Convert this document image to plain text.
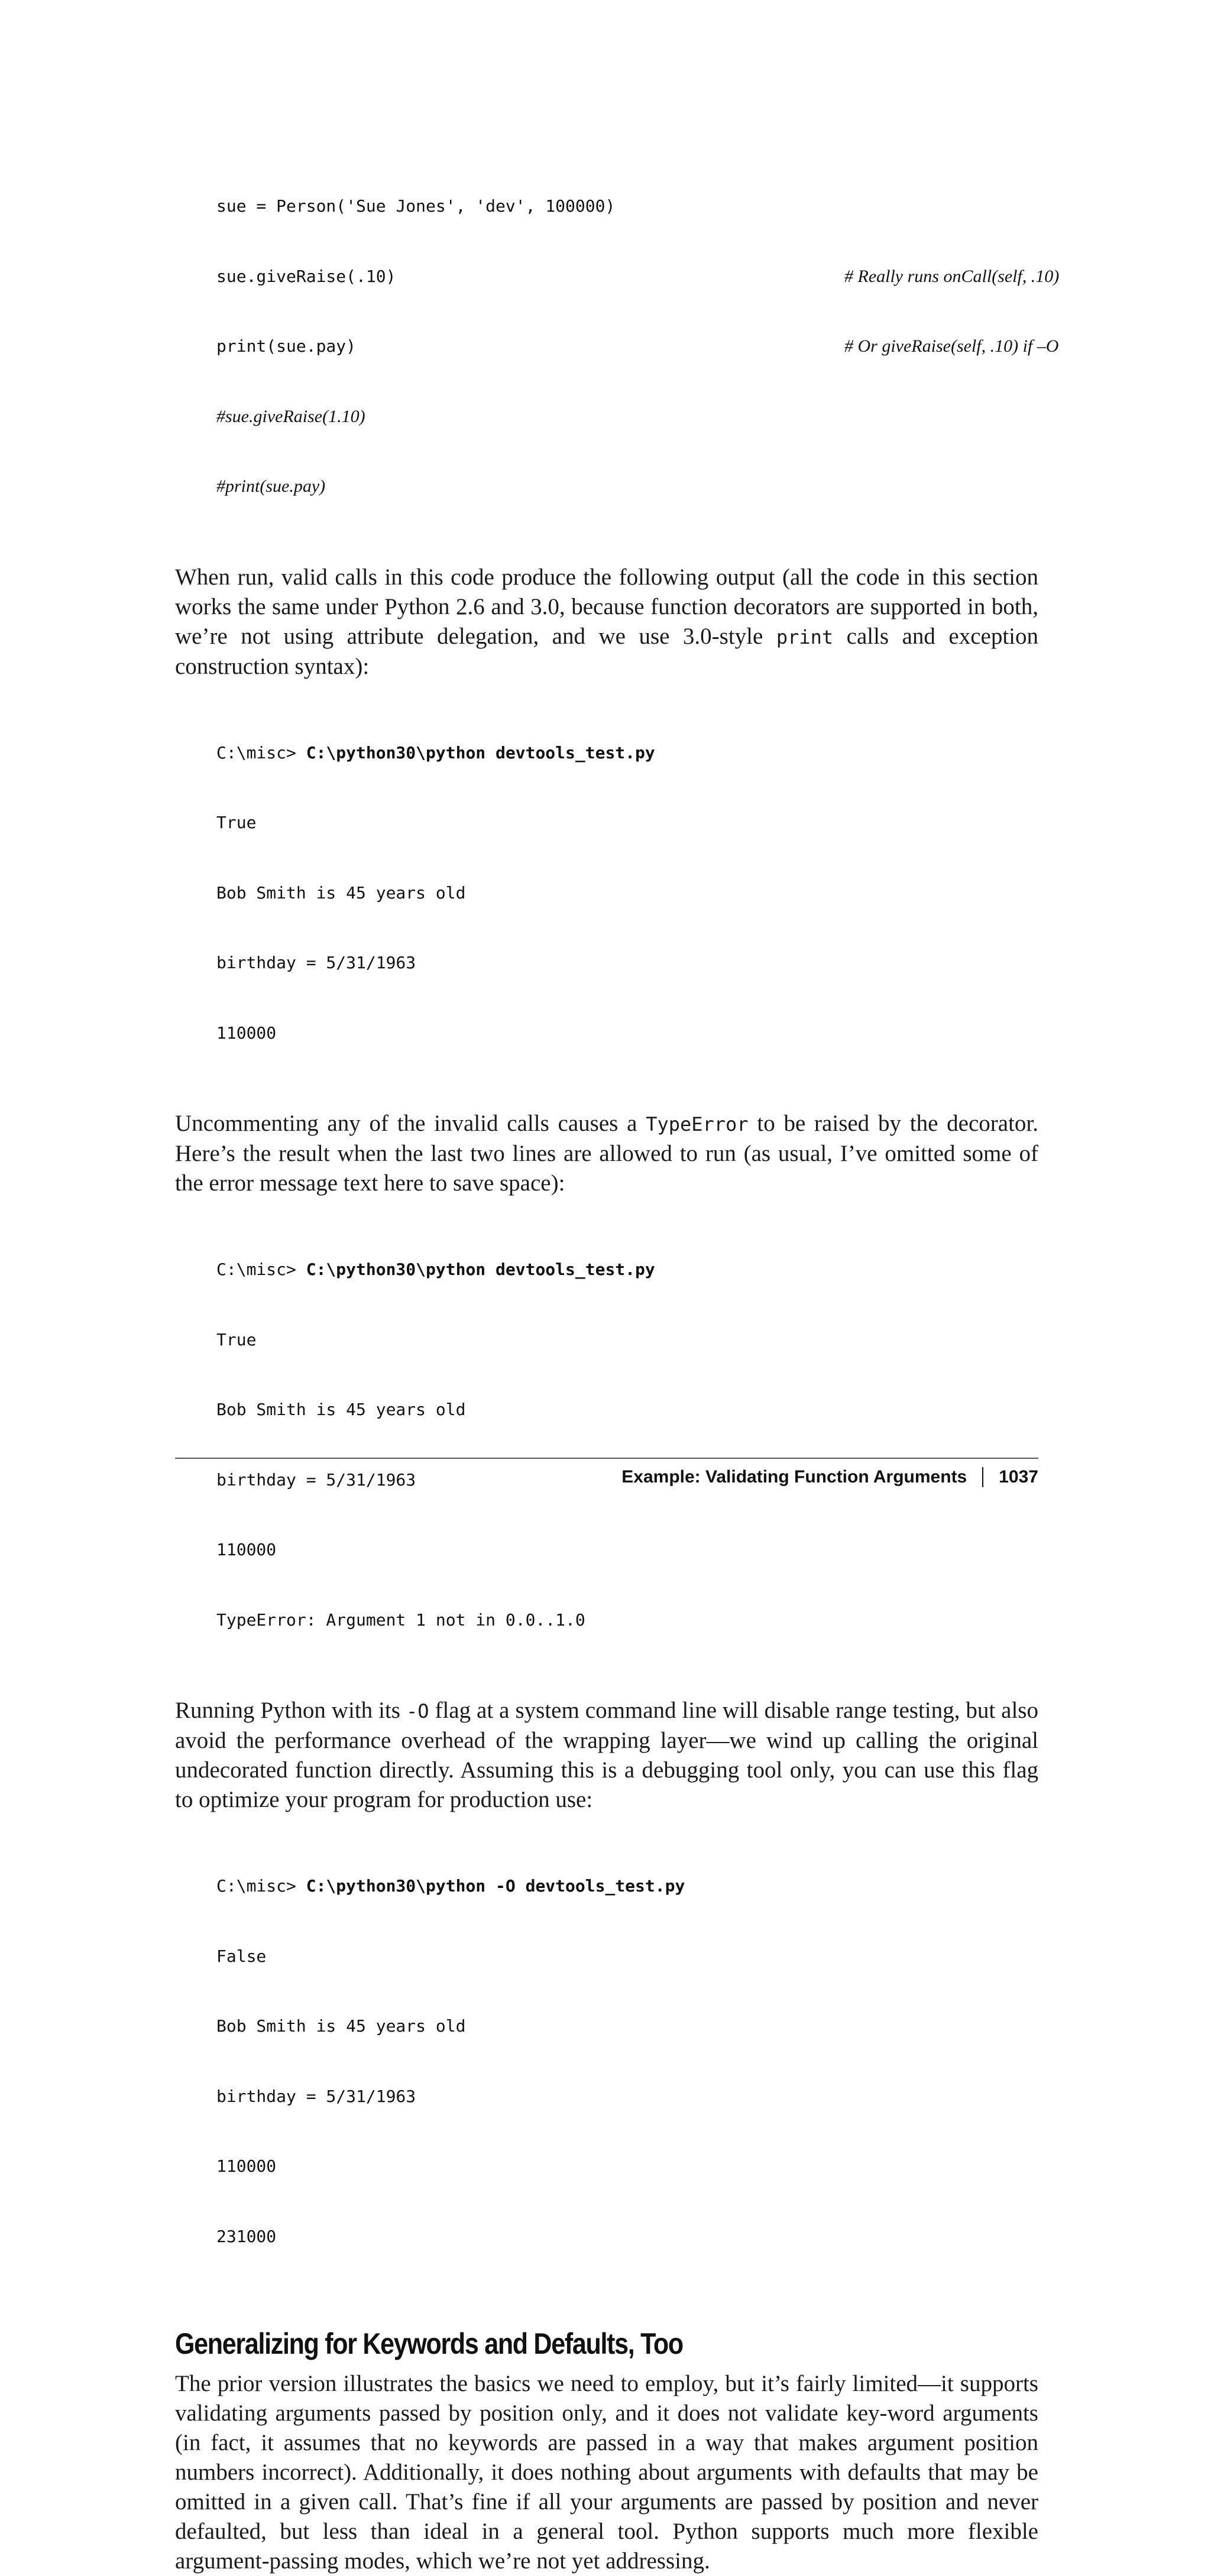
sue = Person('Sue Jones', 'dev', 100000)

sue.giveRaise(.10)	# Really runs onCall(self, .10)

print(sue.pay)	# Or giveRaise(self, .10) if –O

#sue.giveRaise(1.10)

#print(sue.pay)

When run, valid calls in this code produce the following output (all the code in this section works the same under Python 2.6 and 3.0, because function decorators are supported in both, we’re not using attribute delegation, and we use 3.0-style print calls and exception construction syntax):

C:\misc> C:\python30\python devtools_test.py

True

Bob Smith is 45 years old

birthday = 5/31/1963

110000

Uncommenting any of the invalid calls causes a TypeError to be raised by the decorator. Here’s the result when the last two lines are allowed to run (as usual, I’ve omitted some of the error message text here to save space):

C:\misc> C:\python30\python devtools_test.py

True

Bob Smith is 45 years old

birthday = 5/31/1963

110000

TypeError: Argument 1 not in 0.0..1.0

Running Python with its -O flag at a system command line will disable range testing, but also avoid the performance overhead of the wrapping layer—we wind up calling the original undecorated function directly. Assuming this is a debugging tool only, you can use this flag to optimize your program for production use:

C:\misc> C:\python30\python -O devtools_test.py

False

Bob Smith is 45 years old

birthday = 5/31/1963

110000

231000

Generalizing for Keywords and Defaults, Too

The prior version illustrates the basics we need to employ, but it’s fairly limited—it supports validating arguments passed by position only, and it does not validate key-word arguments (in fact, it assumes that no keywords are passed in a way that makes argument position numbers incorrect). Additionally, it does nothing about arguments with defaults that may be omitted in a given call. That’s fine if all your arguments are passed by position and never defaulted, but less than ideal in a general tool. Python supports much more flexible argument-passing modes, which we’re not yet addressing.

Example: Validating Function Arguments 1037
